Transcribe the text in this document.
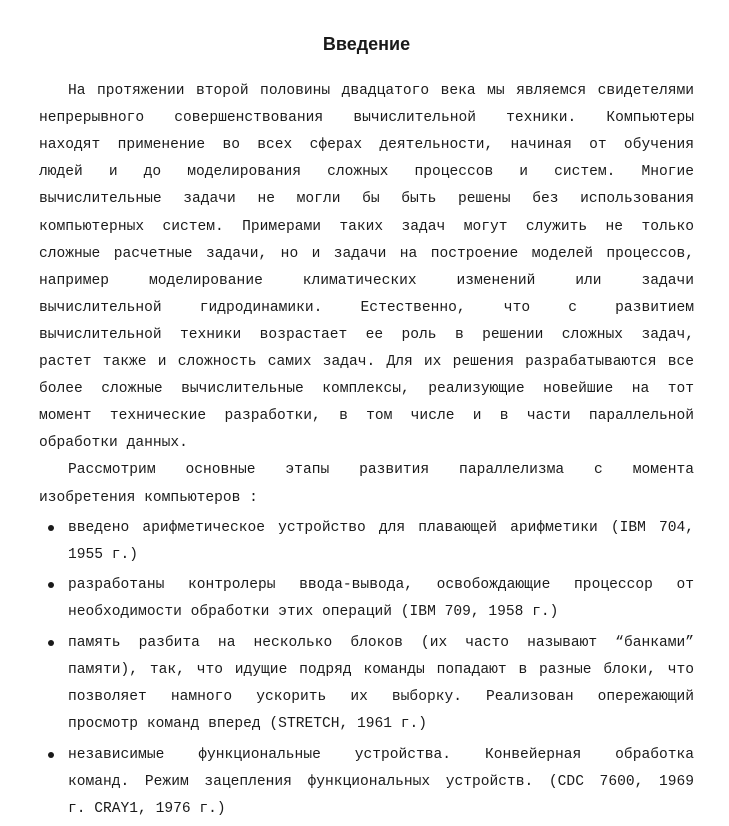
Введение
На протяжении второй половины двадцатого века мы являемся свидетелями
непрерывного совершенствования вычислительной техники. Компьютеры
находят применение во всех сферах деятельности, начиная от обучения
людей и до моделирования сложных процессов и систем. Многие
вычислительные задачи не могли бы быть решены без использования
компьютерных систем. Примерами таких задач могут служить не только
сложные расчетные задачи, но и задачи на построение моделей процессов,
например моделирование климатических изменений или задачи
вычислительной гидродинамики. Естественно, что с развитием
вычислительной техники возрастает ее роль в решении сложных задач,
растет также и сложность самих задач. Для их решения разрабатываются все
более сложные вычислительные комплексы, реализующие новейшие на тот
момент технические разработки, в том числе и в части параллельной
обработки данных.
Рассмотрим основные этапы развития параллелизма с момента
изобретения компьютеров :
введено арифметическое устройство для плавающей арифметики (IBM 704,
1955 г.)
разработаны контролеры ввода-вывода, освобождающие процессор от
необходимости обработки этих операций (IBM 709, 1958 г.)
память разбита на несколько блоков (их часто называют “банками”
памяти), так, что идущие подряд команды попадают в разные блоки, что
позволяет намного ускорить их выборку. Реализован опережающий
просмотр команд вперед (STRETCH, 1961 г.)
независимые функциональные устройства. Конвейерная обработка
команд. Режим зацепления функциональных устройств. (CDC 7600, 1969
г. CRAY1, 1976 г.)
